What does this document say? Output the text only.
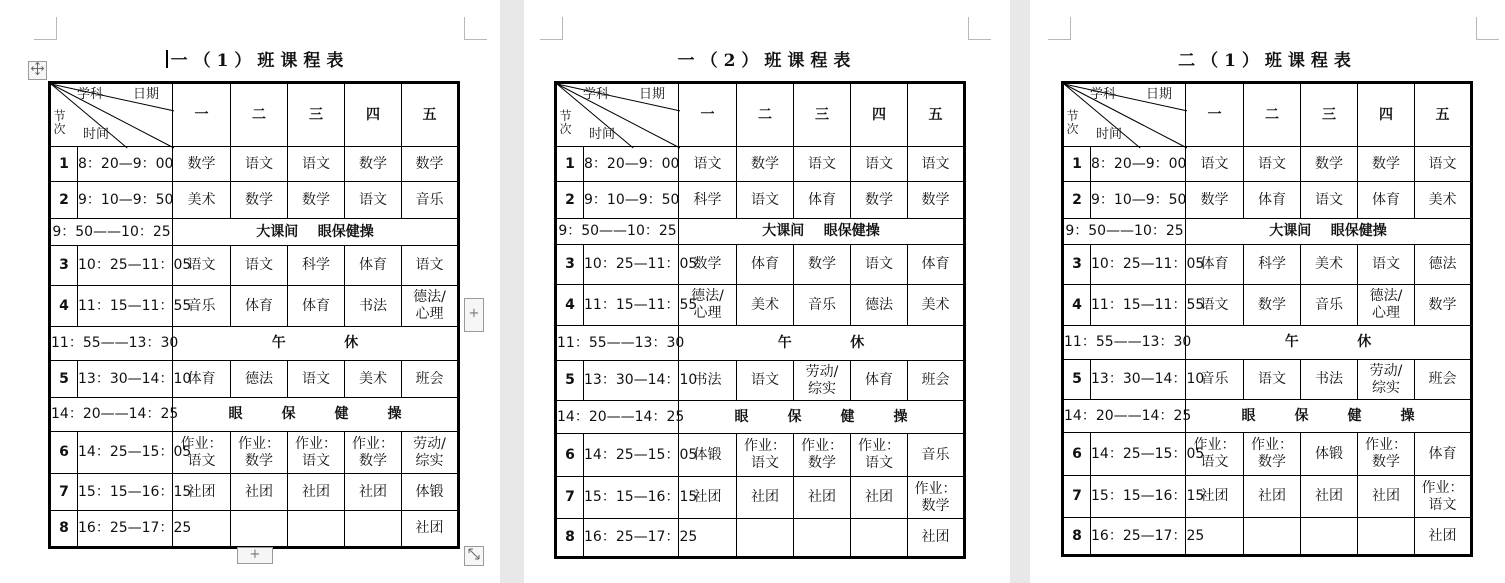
一（1）班课程表
学科 日期
节次 时间		一	二	三	四	五
1	8：20—9：00	数学	语文	语文	数学	数学
2	9：10—9：50	美术	数学	数学	语文	音乐
9：50——10：25		大课间    眼保健操				
3	10：25—11：05	语文	语文	科学	体育	语文
4	11：15—11：55	音乐	体育	体育	书法	德法/
心理
11：55——13：30		午            休				
5	13：30—14：10	体育	德法	语文	美术	班会
14：20——14：25		眼        保        健        操				
6	14：25—15：05	作业：
语文	作业：
数学	作业：
语文	作业：
数学	劳动/
综实
7	15：15—16：15	社团	社团	社团	社团	体锻
8	16：25—17：25					社团
+
+
一（2）班课程表
学科 日期
节次 时间		一	二	三	四	五
1	8：20—9：00	语文	数学	语文	语文	语文
2	9：10—9：50	科学	语文	体育	数学	数学
9：50——10：25		大课间    眼保健操				
3	10：25—11：05	数学	体育	数学	语文	体育
4	11：15—11：55	德法/
心理	美术	音乐	德法	美术
11：55——13：30		午            休				
5	13：30—14：10	书法	语文	劳动/
综实	体育	班会
14：20——14：25		眼        保        健        操				
6	14：25—15：05	体锻	作业：
语文	作业：
数学	作业：
语文	音乐
7	15：15—16：15	社团	社团	社团	社团	作业：
数学
8	16：25—17：25					社团
二（1）班课程表
学科 日期
节次 时间		一	二	三	四	五
1	8：20—9：00	语文	语文	数学	数学	语文
2	9：10—9：50	数学	体育	语文	体育	美术
9：50——10：25		大课间    眼保健操				
3	10：25—11：05	体育	科学	美术	语文	德法
4	11：15—11：55	语文	数学	音乐	德法/
心理	数学
11：55——13：30		午            休				
5	13：30—14：10	音乐	语文	书法	劳动/
综实	班会
14：20——14：25		眼        保        健        操				
6	14：25—15：05	作业：
语文	作业：
数学	体锻	作业：
数学	体育
7	15：15—16：15	社团	社团	社团	社团	作业：
语文
8	16：25—17：25					社团
